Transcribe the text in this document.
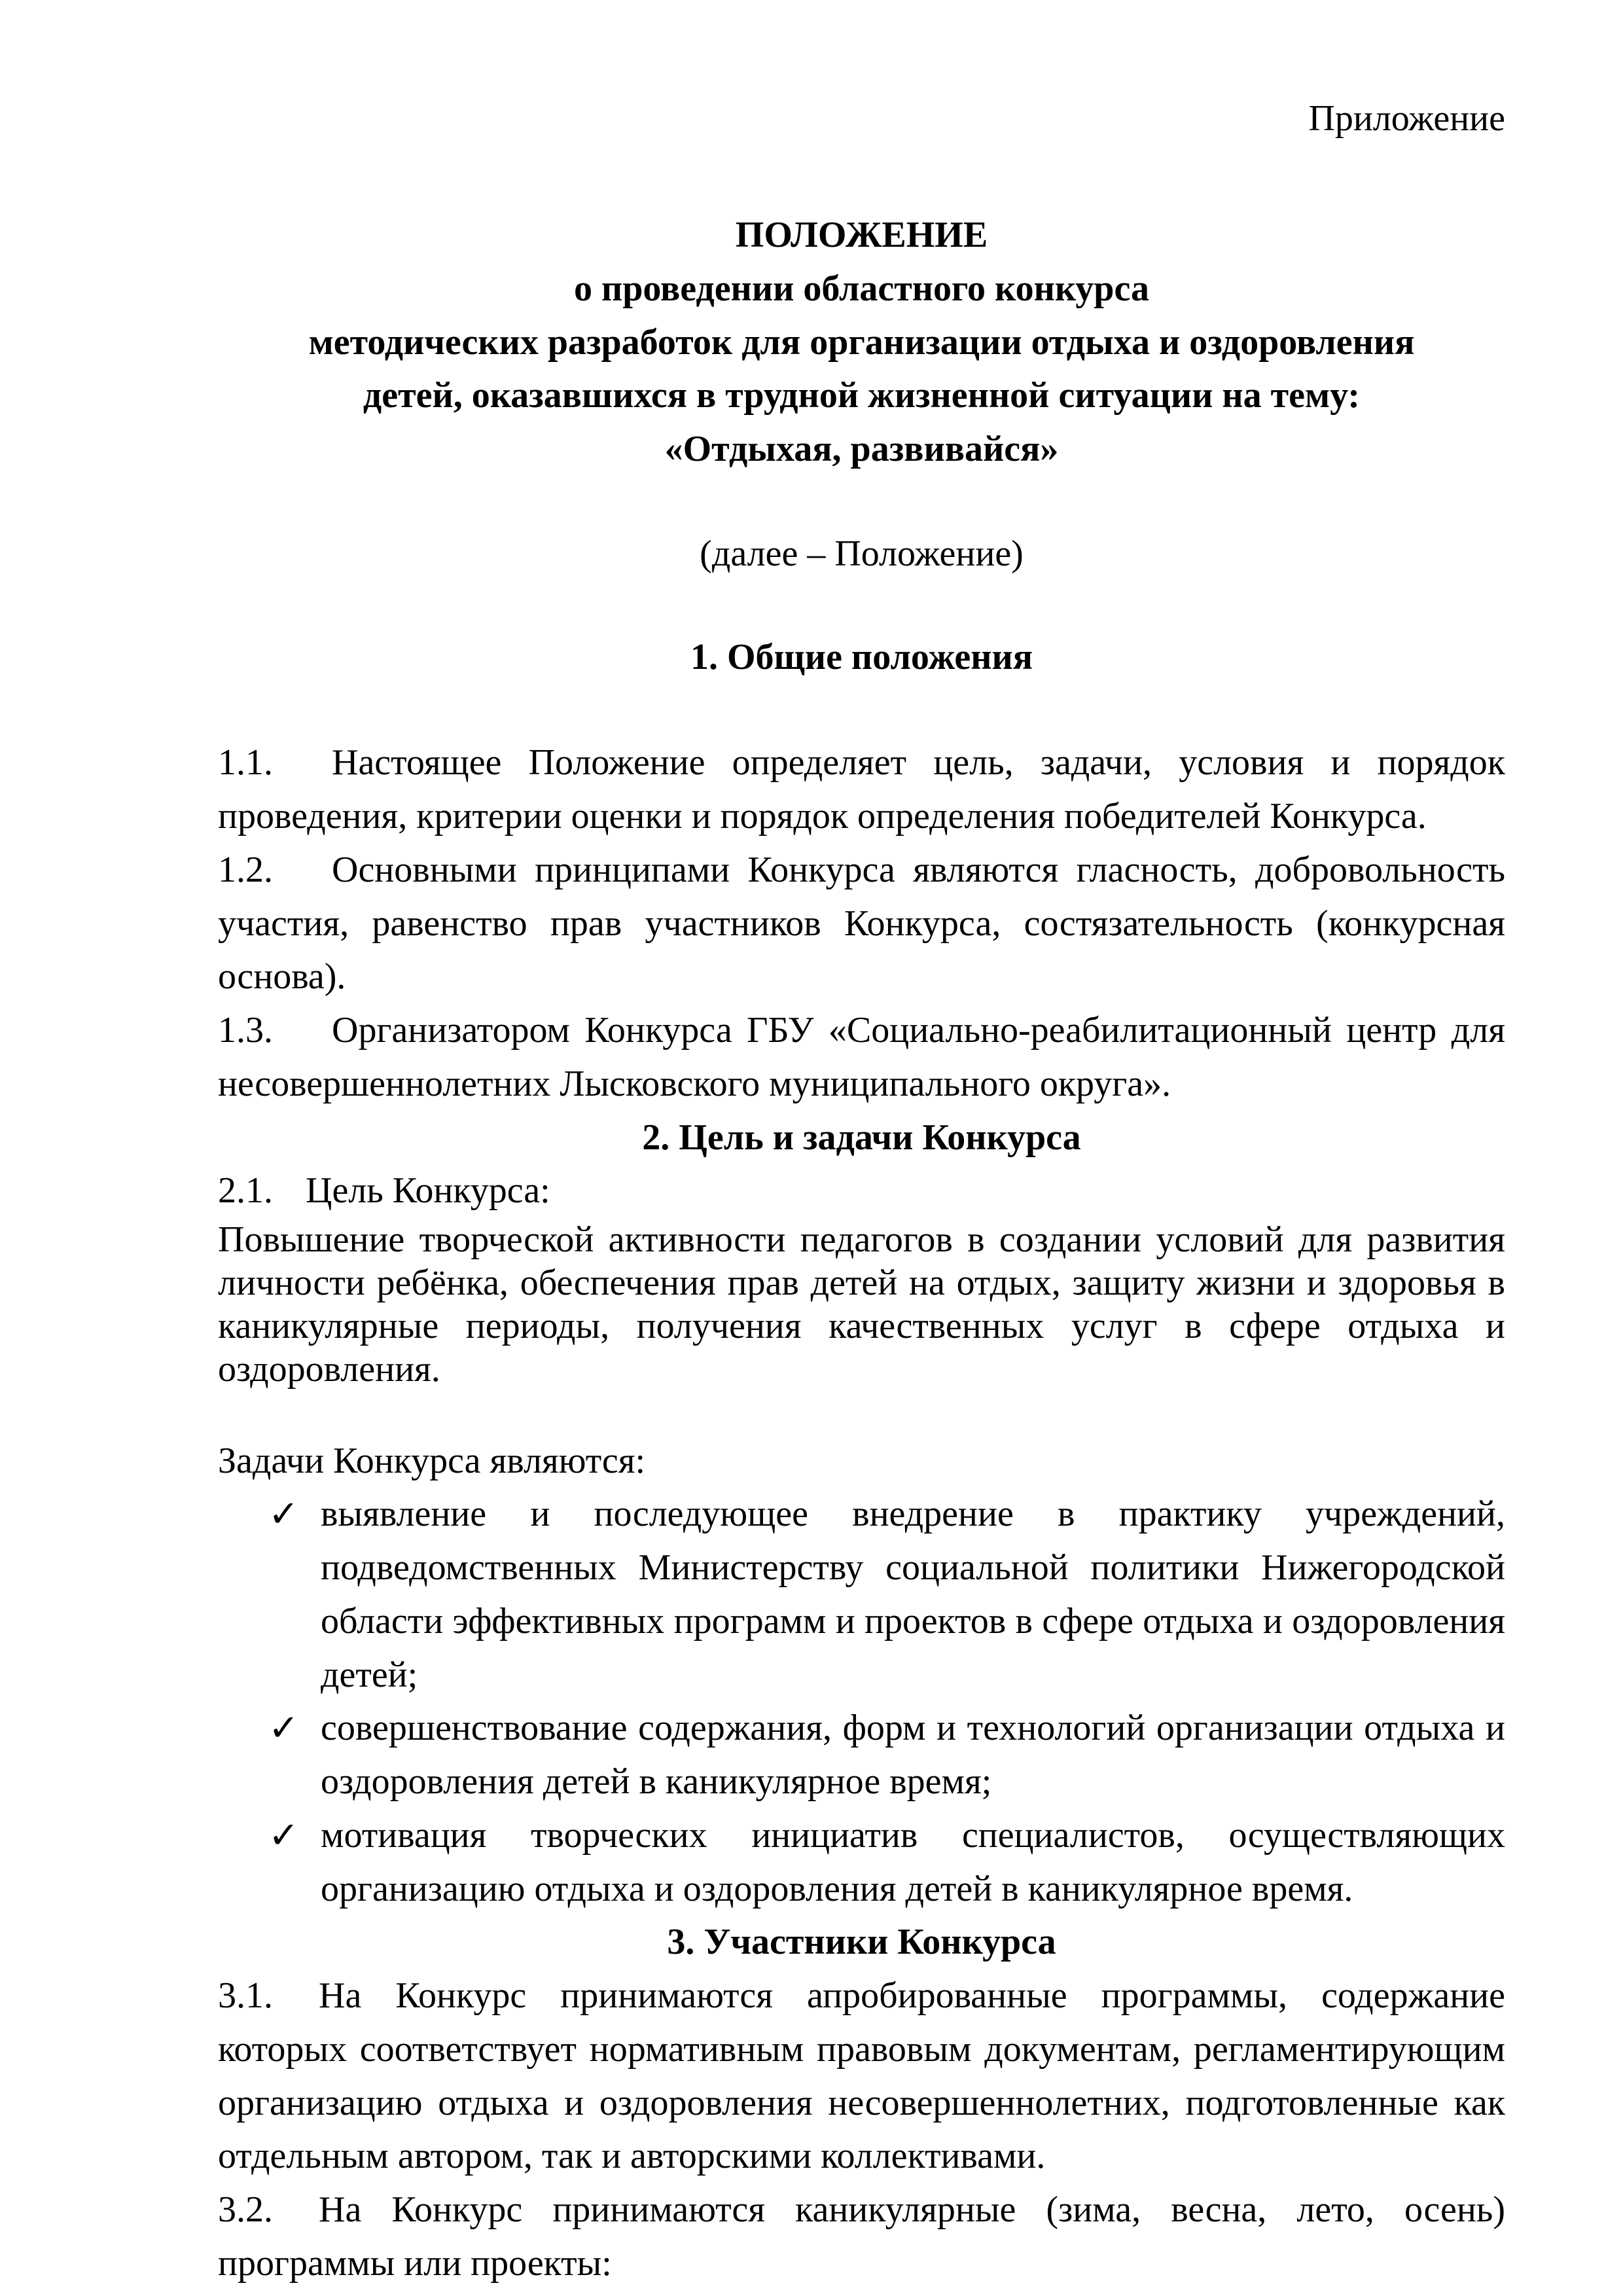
Приложение
ПОЛОЖЕНИЕ
о проведении областного конкурса
методических разработок для организации отдыха и оздоровления
детей, оказавшихся в трудной жизненной ситуации на тему:
«Отдыхая, развивайся»
(далее – Положение)
1. Общие положения

1.1. Настоящее Положение определяет цель, задачи, условия и порядок проведения, критерии оценки и порядок определения победителей Конкурса.

1.2. Основными принципами Конкурса являются гласность, добровольность участия, равенство прав участников Конкурса, состязательность (конкурсная основа).

1.3. Организатором Конкурса ГБУ «Социально-реабилитационный центр для несовершеннолетних Лысковского муниципального округа».

2. Цель и задачи Конкурса

2.1. Цель Конкурса:

Повышение творческой активности педагогов в создании условий для развития личности ребёнка, обеспечения прав детей на отдых, защиту жизни и здоровья в каникулярные периоды, получения качественных услуг в сфере отдыха и оздоровления.

Задачи Конкурса являются:

✓ выявление и последующее внедрение в практику учреждений, подведомственных Министерству социальной политики Нижегородской области эффективных программ и проектов в сфере отдыха и оздоровления детей;
✓ совершенствование содержания, форм и технологий организации отдыха и оздоровления детей в каникулярное время;
✓ мотивация творческих инициатив специалистов, осуществляющих организацию отдыха и оздоровления детей в каникулярное время.
3. Участники Конкурса

3.1. На Конкурс принимаются апробированные программы, содержание которых соответствует нормативным правовым документам, регламентирующим организацию отдыха и оздоровления несовершеннолетних, подготовленные как отдельным автором, так и авторскими коллективами.

3.2. На Конкурс принимаются каникулярные (зима, весна, лето, осень) программы или проекты:
